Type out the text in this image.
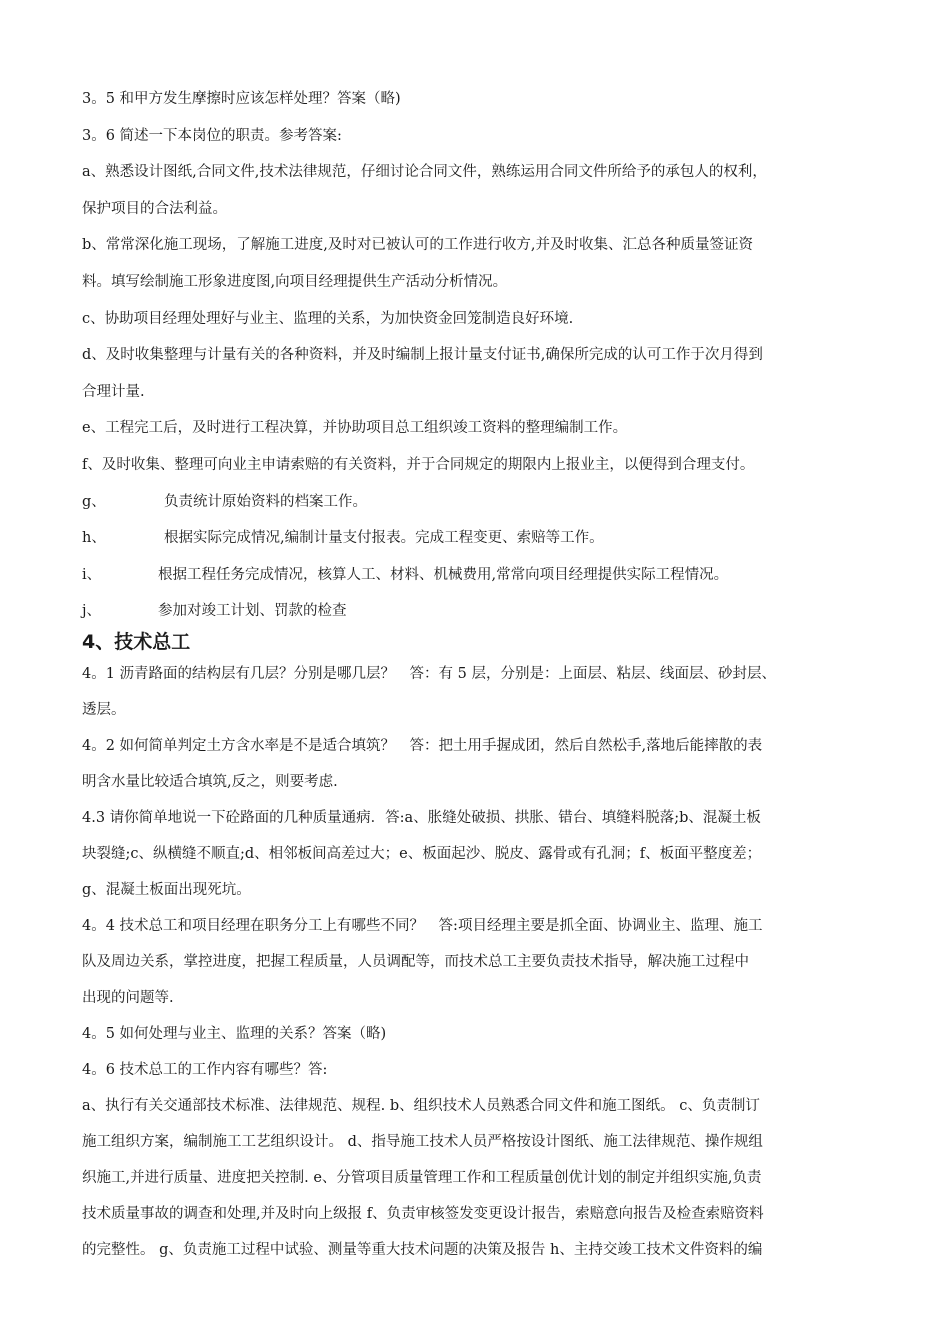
3。5 和甲方发生摩擦时应该怎样处理？答案（略)
3。6 简述一下本岗位的职责。参考答案:
a、熟悉设计图纸,合同文件,技术法律规范，仔细讨论合同文件，熟练运用合同文件所给予的承包人的权利，
保护项目的合法利益。
b、常常深化施工现场，了解施工进度,及时对已被认可的工作进行收方,并及时收集、汇总各种质量签证资
料。填写绘制施工形象进度图,向项目经理提供生产活动分析情况。
c、协助项目经理处理好与业主、监理的关系，为加快资金回笼制造良好环境.
d、及时收集整理与计量有关的各种资料，并及时编制上报计量支付证书,确保所完成的认可工作于次月得到
合理计量.
e、工程完工后，及时进行工程决算，并协助项目总工组织竣工资料的整理编制工作。
f、及时收集、整理可向业主申请索赔的有关资料，并于合同规定的期限内上报业主，以便得到合理支付。
g、	负责统计原始资料的档案工作。
h、	根据实际完成情况,编制计量支付报表。完成工程变更、索赔等工作。
i、	根据工程任务完成情况，核算人工、材料、机械费用,常常向项目经理提供实际工程情况。
j、	参加对竣工计划、罚款的检查
4、技术总工
4。1 沥青路面的结构层有几层？分别是哪几层？　答：有 5 层，分别是：上面层、粘层、线面层、砂封层、
透层。
4。2 如何简单判定土方含水率是不是适合填筑？　答：把土用手握成团，然后自然松手,落地后能摔散的表
明含水量比较适合填筑,反之，则要考虑.
4.3 请你简单地说一下砼路面的几种质量通病．答:a、胀缝处破损、拱胀、错台、填缝料脱落;b、混凝土板
块裂缝;c、纵横缝不顺直;d、相邻板间高差过大；e、板面起沙、脱皮、露骨或有孔洞；f、板面平整度差；
g、混凝土板面出现死坑。
4。4 技术总工和项目经理在职务分工上有哪些不同？　答:项目经理主要是抓全面、协调业主、监理、施工
队及周边关系，掌控进度，把握工程质量，人员调配等，而技术总工主要负责技术指导，解决施工过程中
出现的问题等.
4。5 如何处理与业主、监理的关系？答案（略)
4。6 技术总工的工作内容有哪些？答:
a、执行有关交通部技术标准、法律规范、规程. b、组织技术人员熟悉合同文件和施工图纸。 c、负责制订
施工组织方案，编制施工工艺组织设计。 d、指导施工技术人员严格按设计图纸、施工法律规范、操作规组
织施工,并进行质量、进度把关控制. e、分管项目质量管理工作和工程质量创优计划的制定并组织实施,负责
技术质量事故的调查和处理,并及时向上级报 f、负责审核签发变更设计报告，索赔意向报告及检查索赔资料
的完整性。 g、负责施工过程中试验、测量等重大技术问题的决策及报告 h、主持交竣工技术文件资料的编
